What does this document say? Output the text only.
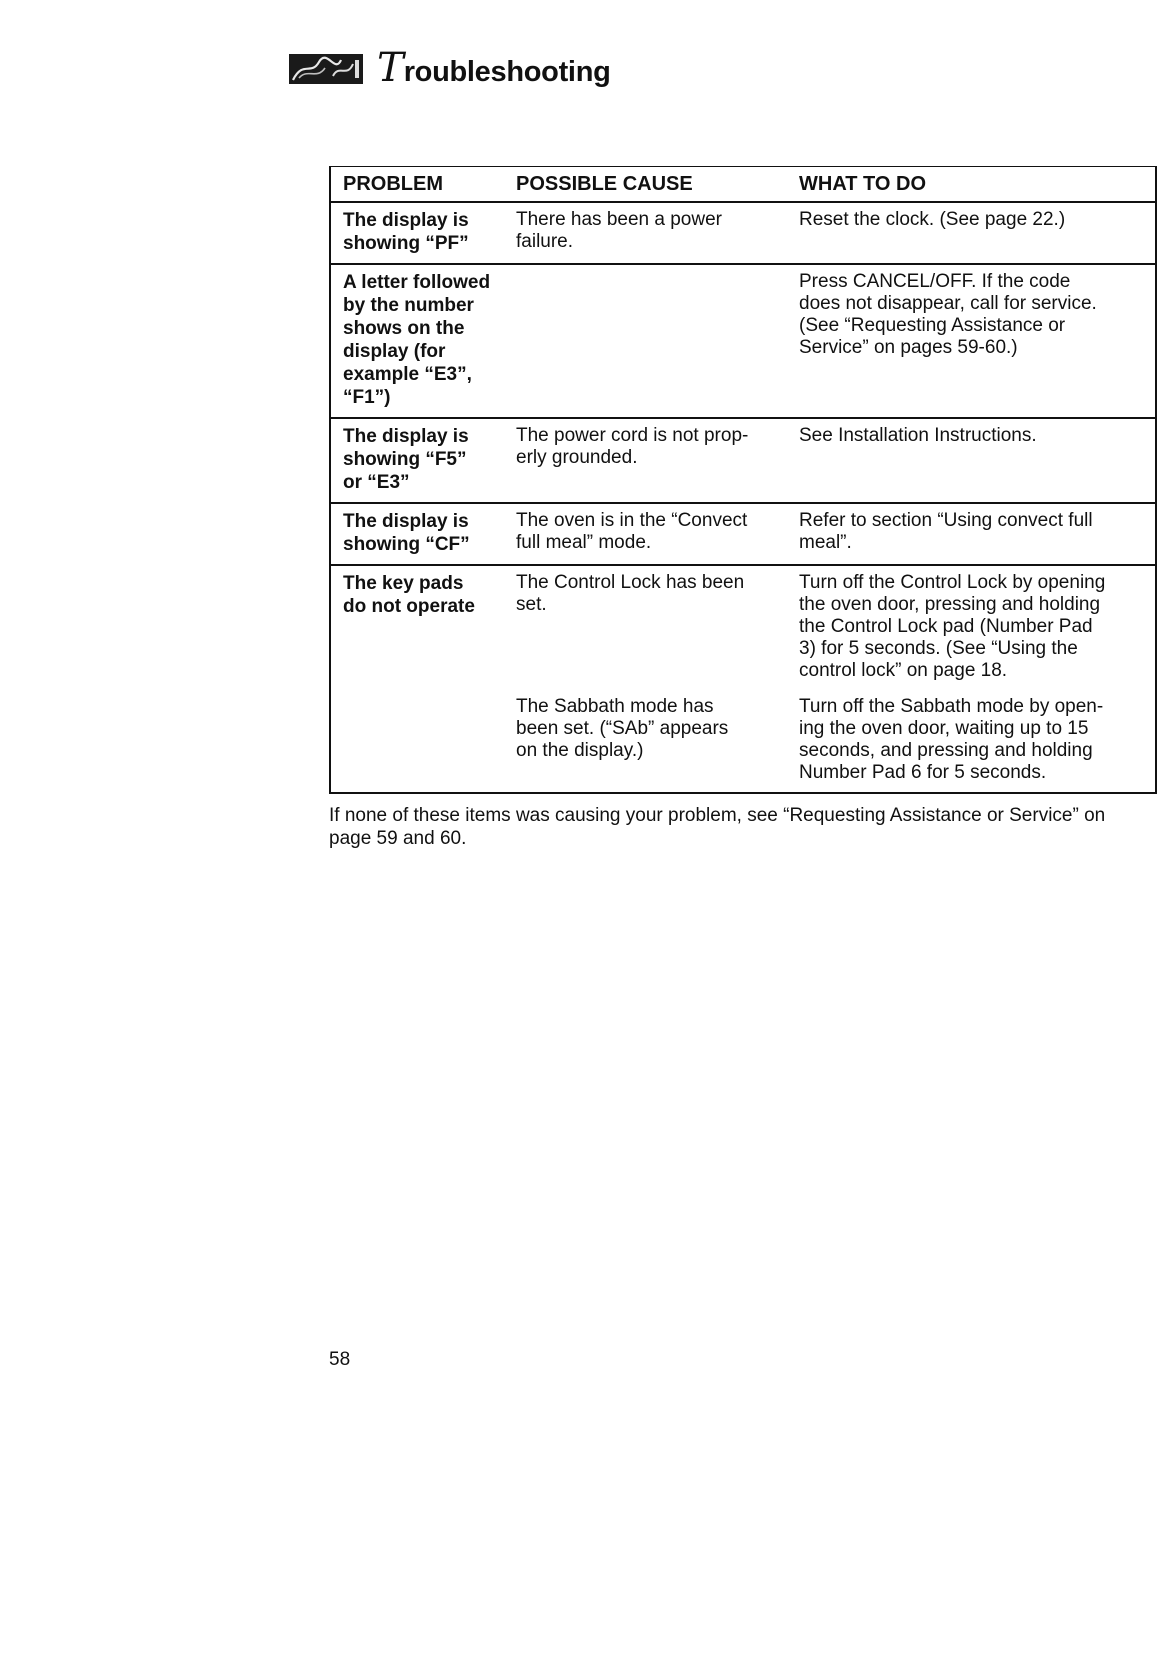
T roubleshooting
PROBLEM	POSSIBLE CAUSE	WHAT TO DO
The display is
showing “PF”
There has been a power
failure.
Reset the clock. (See page 22.)
A letter followed
by the number
shows on the
display (for
example “E3”,
“F1”)
Press CANCEL/OFF. If the code
does not disappear, call for service.
(See “Requesting Assistance or
Service” on pages 59-60.)
The display is
showing “F5”
or “E3”
The power cord is not prop-
erly grounded.
See Installation Instructions.
The display is
showing “CF”
The oven is in the “Convect
full meal” mode.
Refer to section “Using convect full
meal”.
The key pads
do not operate
The Control Lock has been
set.
The Sabbath mode has
been set. (“SAb” appears
on the display.)
Turn off the Control Lock by opening
the oven door, pressing and holding
the Control Lock pad (Number Pad
3) for 5 seconds. (See “Using the
control lock” on page 18.
Turn off the Sabbath mode by open-
ing the oven door, waiting up to 15
seconds, and pressing and holding
Number Pad 6 for 5 seconds.
If none of these items was causing your problem, see “Requesting Assistance or Service” on
page 59 and 60.
58
